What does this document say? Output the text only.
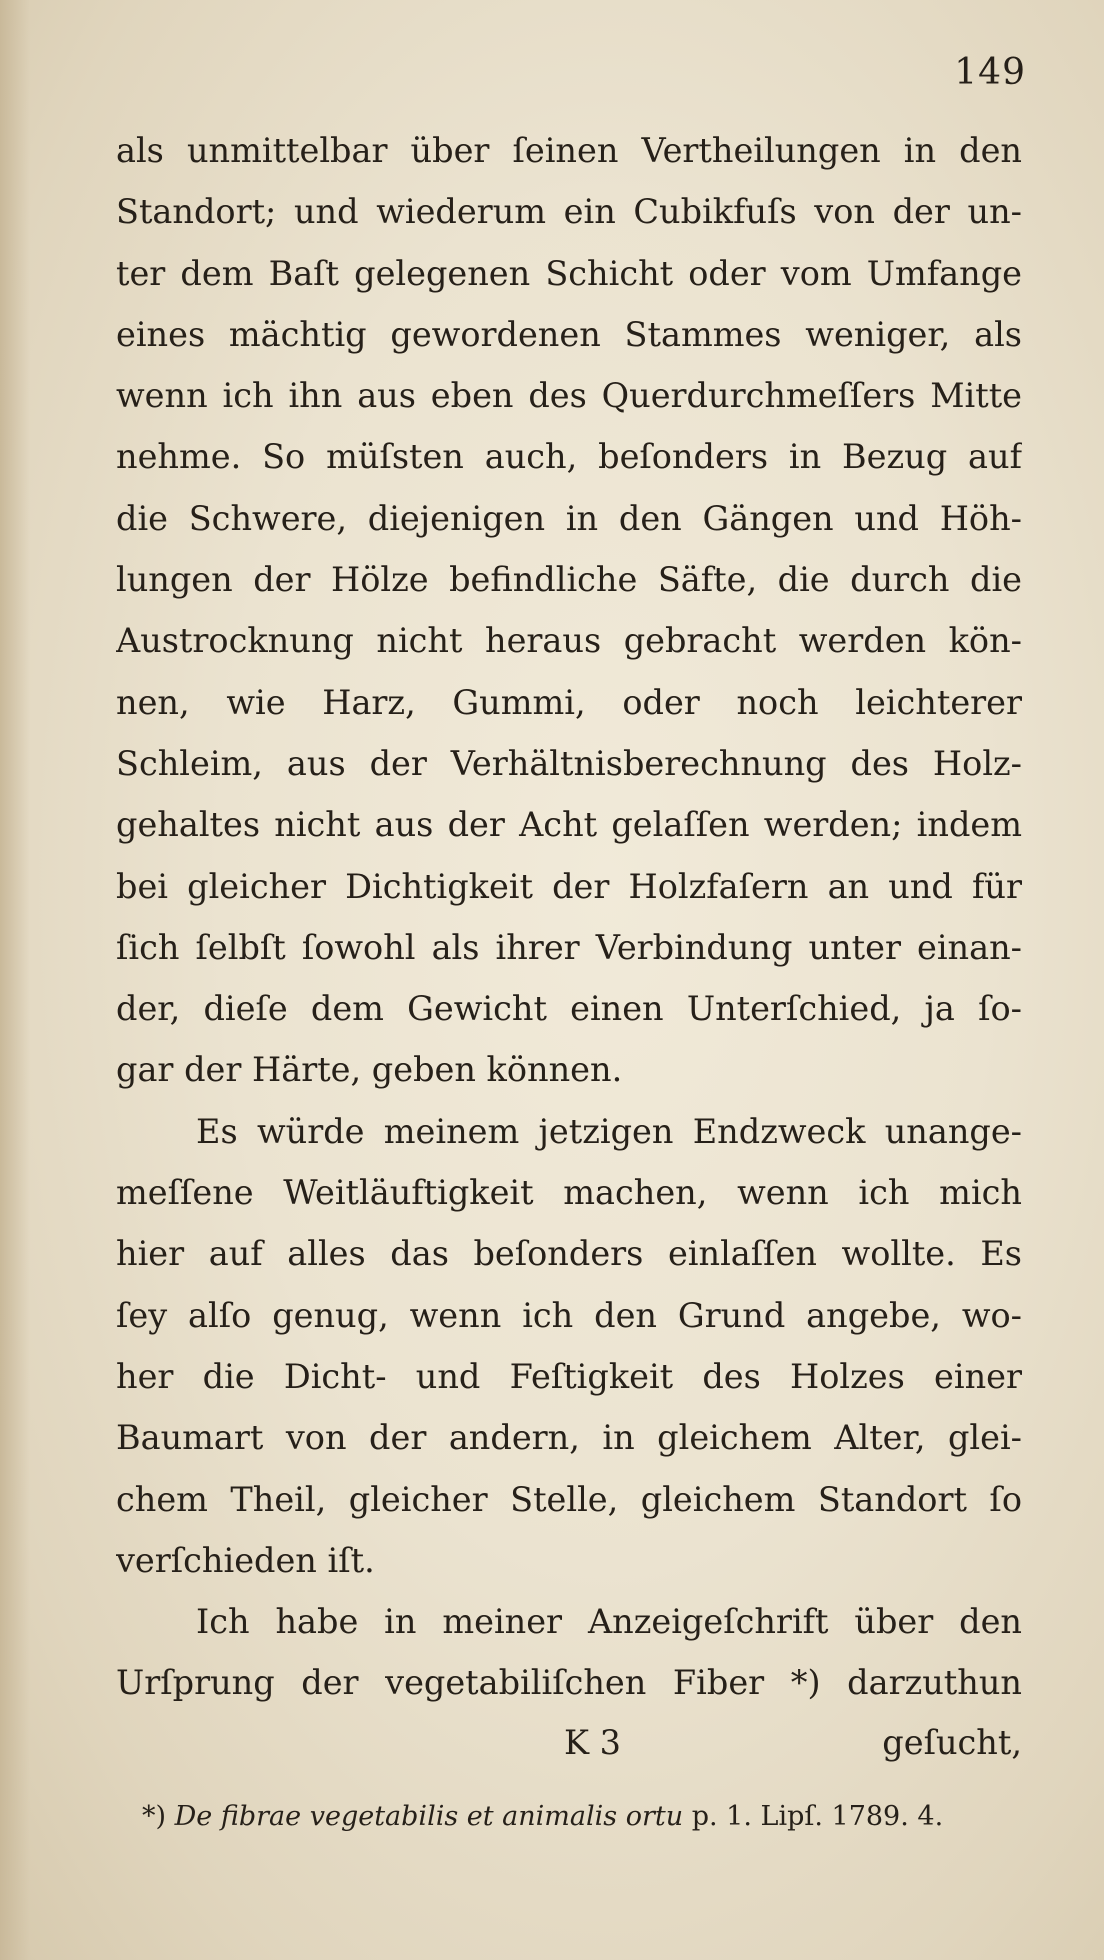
149
als unmittelbar über ſeinen Vertheilungen in den
Standort; und wiederum ein Cubikfuſs von der un-
ter dem Baſt gelegenen Schicht oder vom Umfange
eines mächtig gewordenen Stammes weniger, als
wenn ich ihn aus eben des Querdurchmeſſers Mitte
nehme. So müſsten auch, beſonders in Bezug auf
die Schwere, diejenigen in den Gängen und Höh-
lungen der Hölze befindliche Säfte, die durch die
Austrocknung nicht heraus gebracht werden kön-
nen, wie Harz, Gummi, oder noch leichterer
Schleim, aus der Verhältnisberechnung des Holz-
gehaltes nicht aus der Acht gelaſſen werden; indem
bei gleicher Dichtigkeit der Holzfaſern an und für
ſich ſelbſt ſowohl als ihrer Verbindung unter einan-
der, dieſe dem Gewicht einen Unterſchied, ja ſo-
gar der Härte, geben können.
Es würde meinem jetzigen Endzweck unange-
meſſene Weitläuftigkeit machen, wenn ich mich
hier auf alles das beſonders einlaſſen wollte. Es
ſey alſo genug, wenn ich den Grund angebe, wo-
her die Dicht- und Feſtigkeit des Holzes einer
Baumart von der andern, in gleichem Alter, glei-
chem Theil, gleicher Stelle, gleichem Standort ſo
verſchieden iſt.
Ich habe in meiner Anzeigeſchrift über den
Urſprung der vegetabiliſchen Fiber *) darzuthun
K 3	geſucht,
*) De fibrae vegetabilis et animalis ortu p. 1. Lipſ. 1789. 4.
